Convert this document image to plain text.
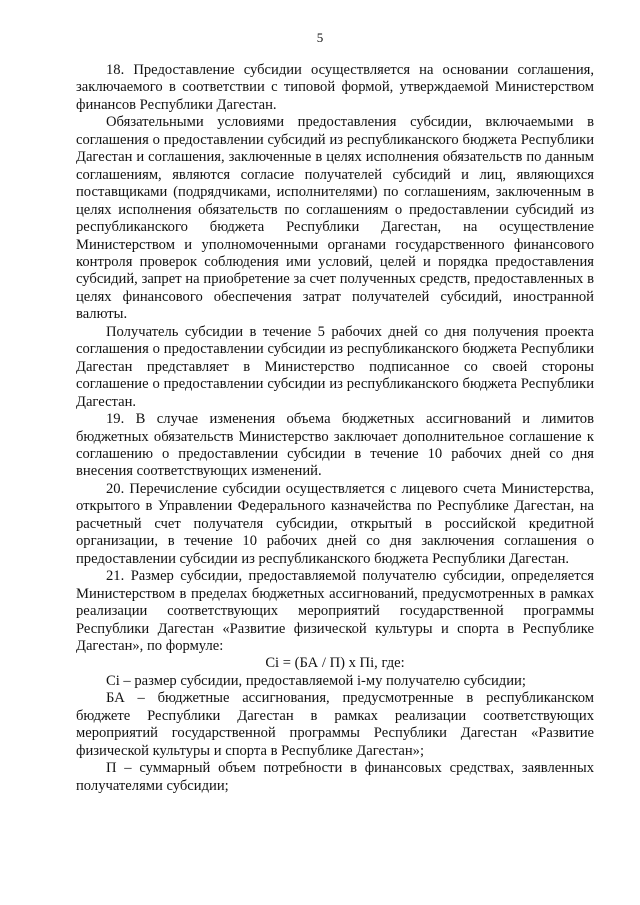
5

18. Предоставление субсидии осуществляется на основании соглашения, заключаемого в соответствии с типовой формой, утверждаемой Министерством финансов Республики Дагестан.

Обязательными условиями предоставления субсидии, включаемыми в соглашения о предоставлении субсидий из республиканского бюджета Республики Дагестан и соглашения, заключенные в целях исполнения обязательств по данным соглашениям, являются согласие получателей субсидий и лиц, являющихся поставщиками (подрядчиками, исполнителями) по соглашениям, заключенным в целях исполнения обязательств по соглашениям о предоставлении субсидий из республиканского бюджета Республики Дагестан, на осуществление Министерством и уполномоченными органами государственного финансового контроля проверок соблюдения ими условий, целей и порядка предоставления субсидий, запрет на приобретение за счет полученных средств, предоставленных в целях финансового обеспечения затрат получателей субсидий, иностранной валюты.

Получатель субсидии в течение 5 рабочих дней со дня получения проекта соглашения о предоставлении субсидии из республиканского бюджета Республики Дагестан представляет в Министерство подписанное со своей стороны соглашение о предоставлении субсидии из республиканского бюджета Республики Дагестан.

19. В случае изменения объема бюджетных ассигнований и лимитов бюджетных обязательств Министерство заключает дополнительное соглашение к соглашению о предоставлении субсидии в течение 10 рабочих дней со дня внесения соответствующих изменений.

20. Перечисление субсидии осуществляется с лицевого счета Министерства, открытого в Управлении Федерального казначейства по Республике Дагестан, на расчетный счет получателя субсидии, открытый в российской кредитной организации, в течение 10 рабочих дней со дня заключения соглашения о предоставлении субсидии из республиканского бюджета Республики Дагестан.

21. Размер субсидии, предоставляемой получателю субсидии, определяется Министерством в пределах бюджетных ассигнований, предусмотренных в рамках реализации соответствующих мероприятий государственной программы Республики Дагестан «Развитие физической культуры и спорта в Республике Дагестан», по формуле:

Ci = (БА / П) х Пi, где:

Ci – размер субсидии, предоставляемой i-му получателю субсидии;

БА – бюджетные ассигнования, предусмотренные в республиканском бюджете Республики Дагестан в рамках реализации соответствующих мероприятий государственной программы Республики Дагестан «Развитие физической культуры и спорта в Республике Дагестан»;

П – суммарный объем потребности в финансовых средствах, заявленных получателями субсидии;
